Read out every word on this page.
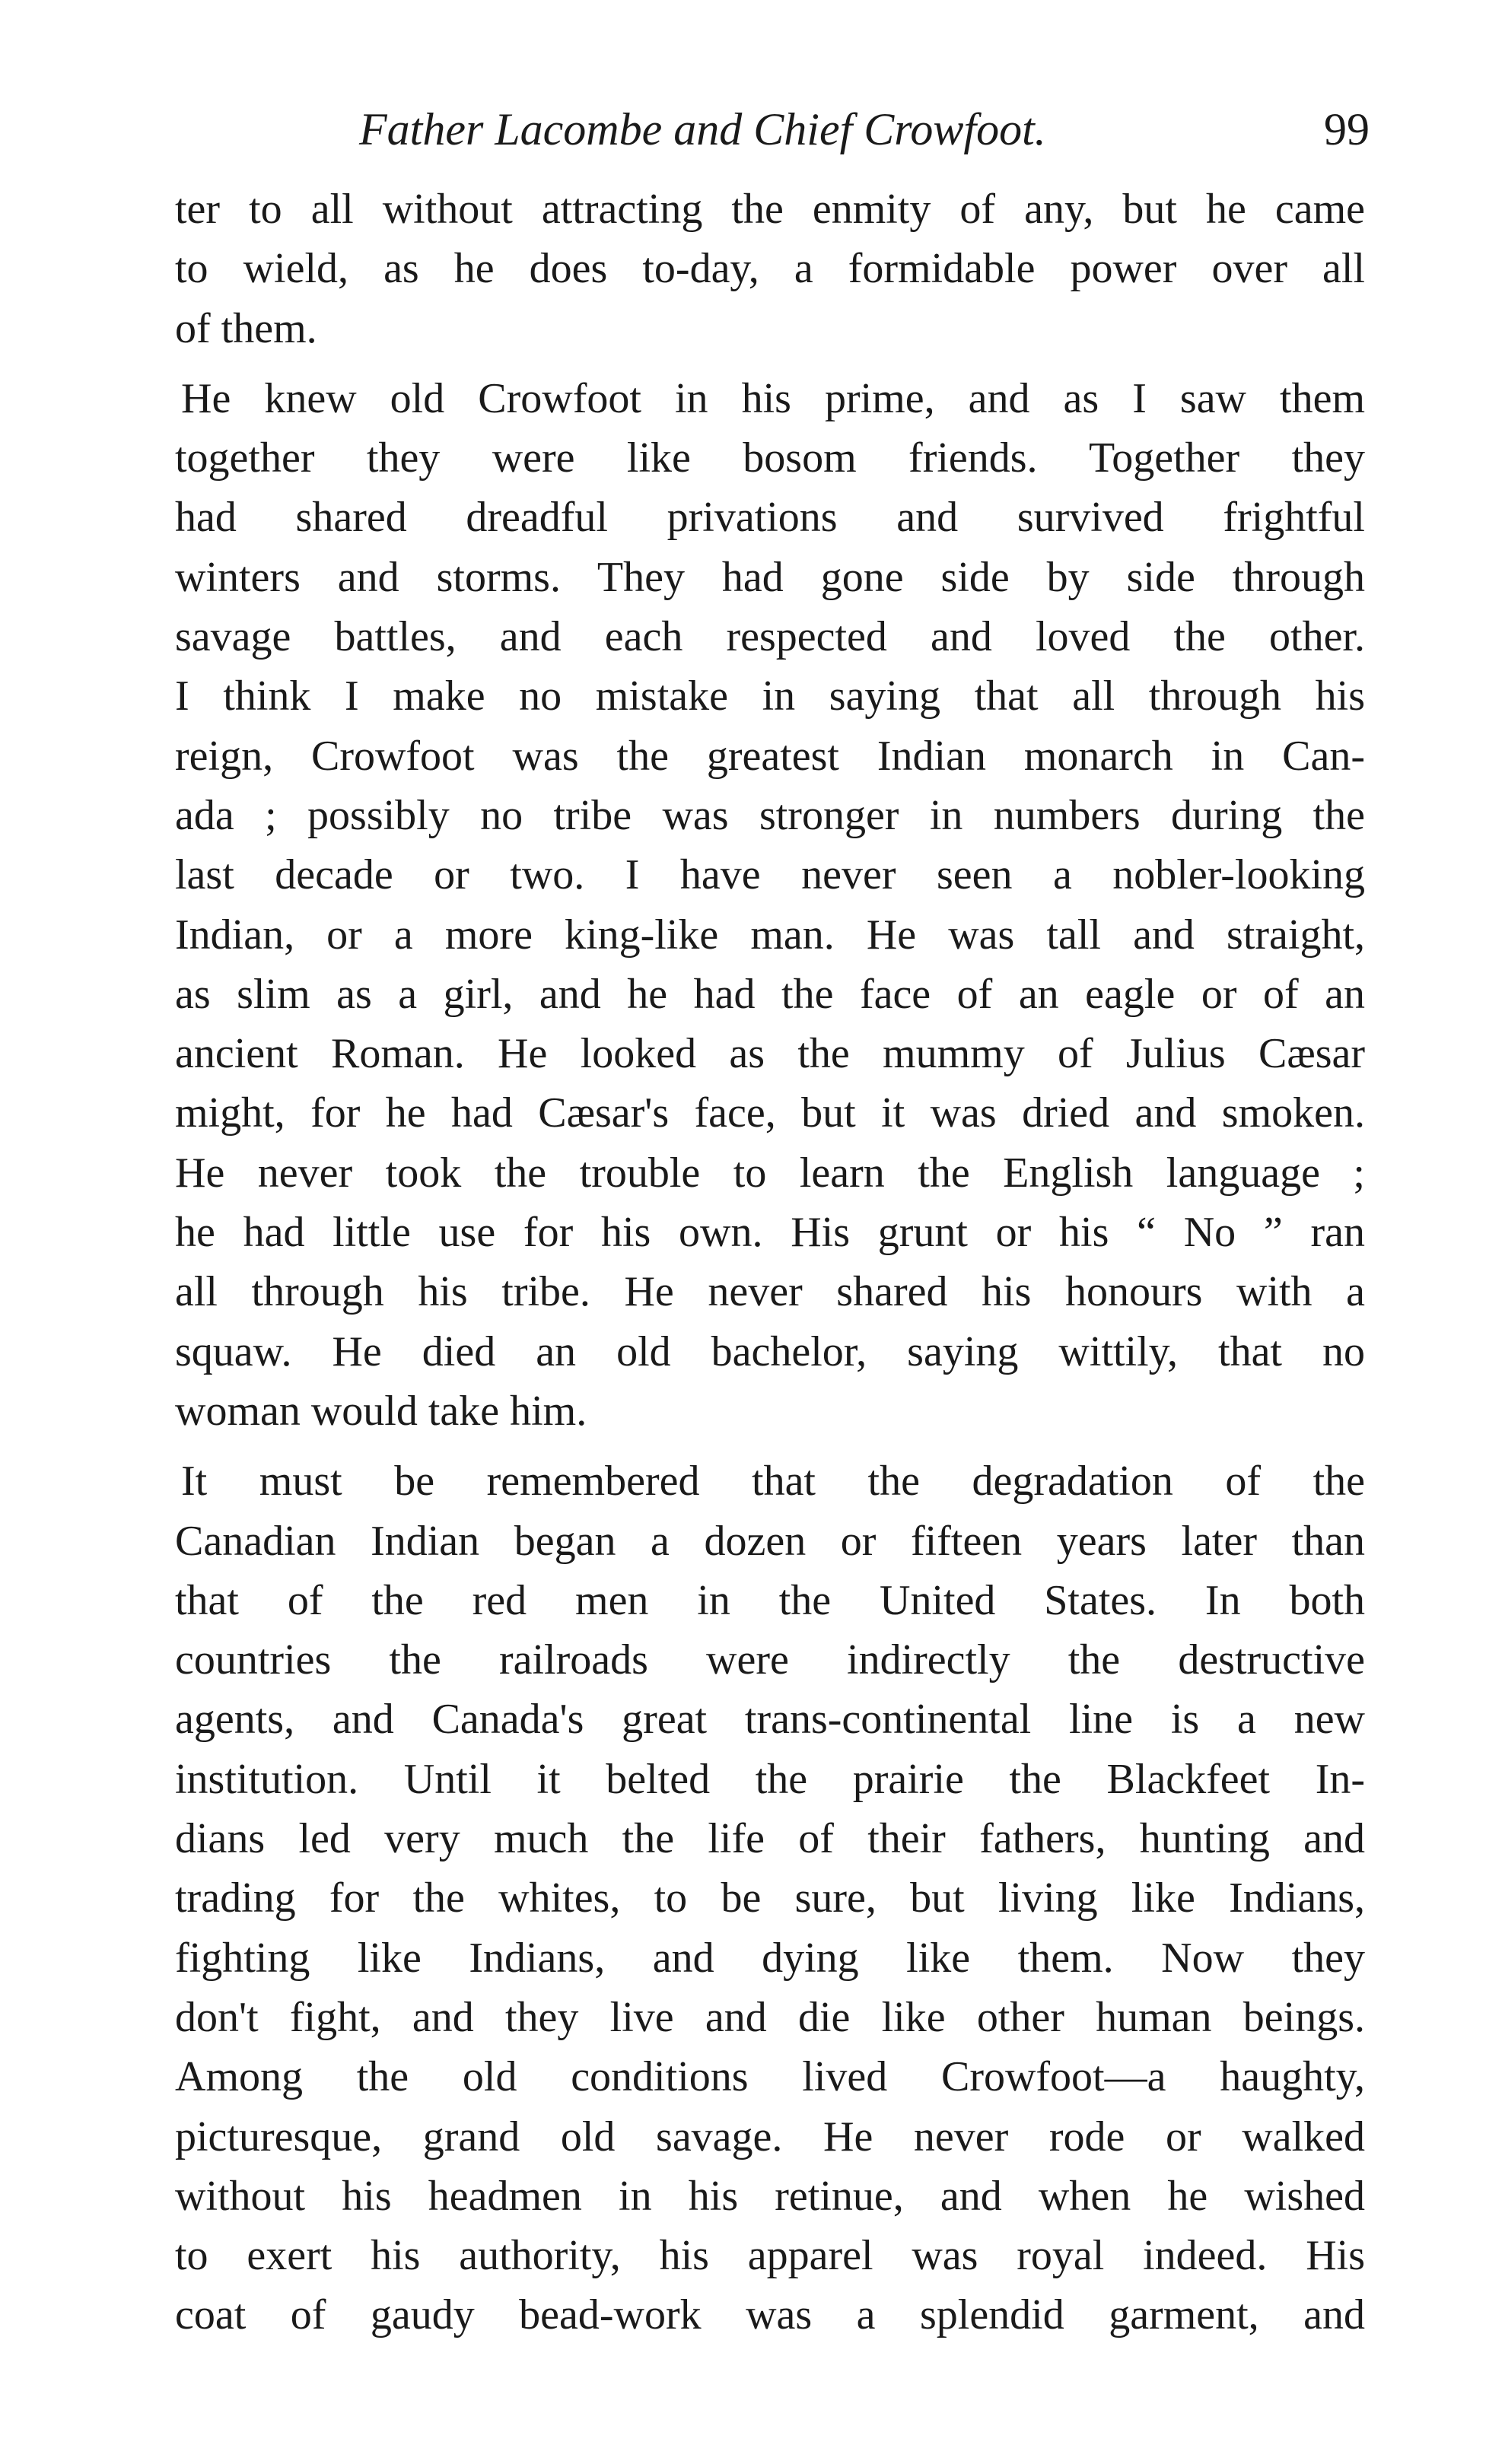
Father Lacombe and Chief Crowfoot.	99
ter to all without attracting the enmity of any, but he came
to wield, as he does to-day, a formidable power over all
of them.
He knew old Crowfoot in his prime, and as I saw them
together they were like bosom friends. Together they
had shared dreadful privations and survived frightful
winters and storms. They had gone side by side through
savage battles, and each respected and loved the other.
I think I make no mistake in saying that all through his
reign, Crowfoot was the greatest Indian monarch in Can-
ada ; possibly no tribe was stronger in numbers during the
last decade or two. I have never seen a nobler-looking
Indian, or a more king-like man. He was tall and straight,
as slim as a girl, and he had the face of an eagle or of an
ancient Roman. He looked as the mummy of Julius Cæsar
might, for he had Cæsar's face, but it was dried and smoken.
He never took the trouble to learn the English language ;
he had little use for his own. His grunt or his “ No ” ran
all through his tribe. He never shared his honours with a
squaw. He died an old bachelor, saying wittily, that no
woman would take him.
It must be remembered that the degradation of the
Canadian Indian began a dozen or fifteen years later than
that of the red men in the United States. In both
countries the railroads were indirectly the destructive
agents, and Canada's great trans-continental line is a new
institution. Until it belted the prairie the Blackfeet In-
dians led very much the life of their fathers, hunting and
trading for the whites, to be sure, but living like Indians,
fighting like Indians, and dying like them. Now they
don't fight, and they live and die like other human beings.
Among the old conditions lived Crowfoot—a haughty,
picturesque, grand old savage. He never rode or walked
without his headmen in his retinue, and when he wished
to exert his authority, his apparel was royal indeed. His
coat of gaudy bead-work was a splendid garment, and
